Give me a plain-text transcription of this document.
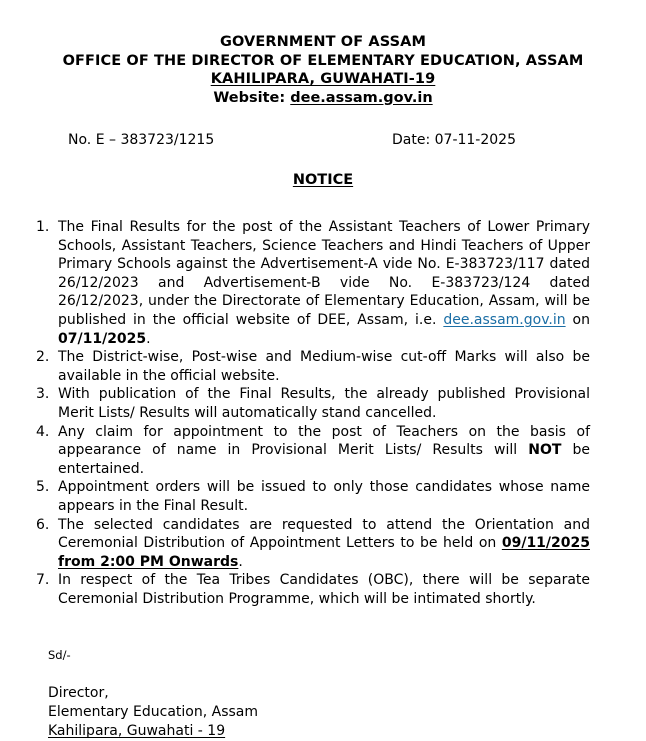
GOVERNMENT OF ASSAM
OFFICE OF THE DIRECTOR OF ELEMENTARY EDUCATION, ASSAM
KAHILIPARA, GUWAHATI-19
Website: dee.assam.gov.in
No. E – 383723/1215	Date: 07-11-2025
NOTICE
1. The Final Results for the post of the Assistant Teachers of Lower Primary Schools, Assistant Teachers, Science Teachers and Hindi Teachers of Upper Primary Schools against the Advertisement-A vide No. E-383723/117 dated 26/12/2023 and Advertisement-B vide No. E-383723/124 dated 26/12/2023, under the Directorate of Elementary Education, Assam, will be published in the official website of DEE, Assam, i.e. dee.assam.gov.in on 07/11/2025.
2. The District-wise, Post-wise and Medium-wise cut-off Marks will also be available in the official website.
3. With publication of the Final Results, the already published Provisional Merit Lists/ Results will automatically stand cancelled.
4. Any claim for appointment to the post of Teachers on the basis of appearance of name in Provisional Merit Lists/ Results will NOT be entertained.
5. Appointment orders will be issued to only those candidates whose name appears in the Final Result.
6. The selected candidates are requested to attend the Orientation and Ceremonial Distribution of Appointment Letters to be held on 09/11/2025 from 2:00 PM Onwards.
7. In respect of the Tea Tribes Candidates (OBC), there will be separate Ceremonial Distribution Programme, which will be intimated shortly.
Sd/-
Director,
Elementary Education, Assam
Kahilipara, Guwahati - 19
